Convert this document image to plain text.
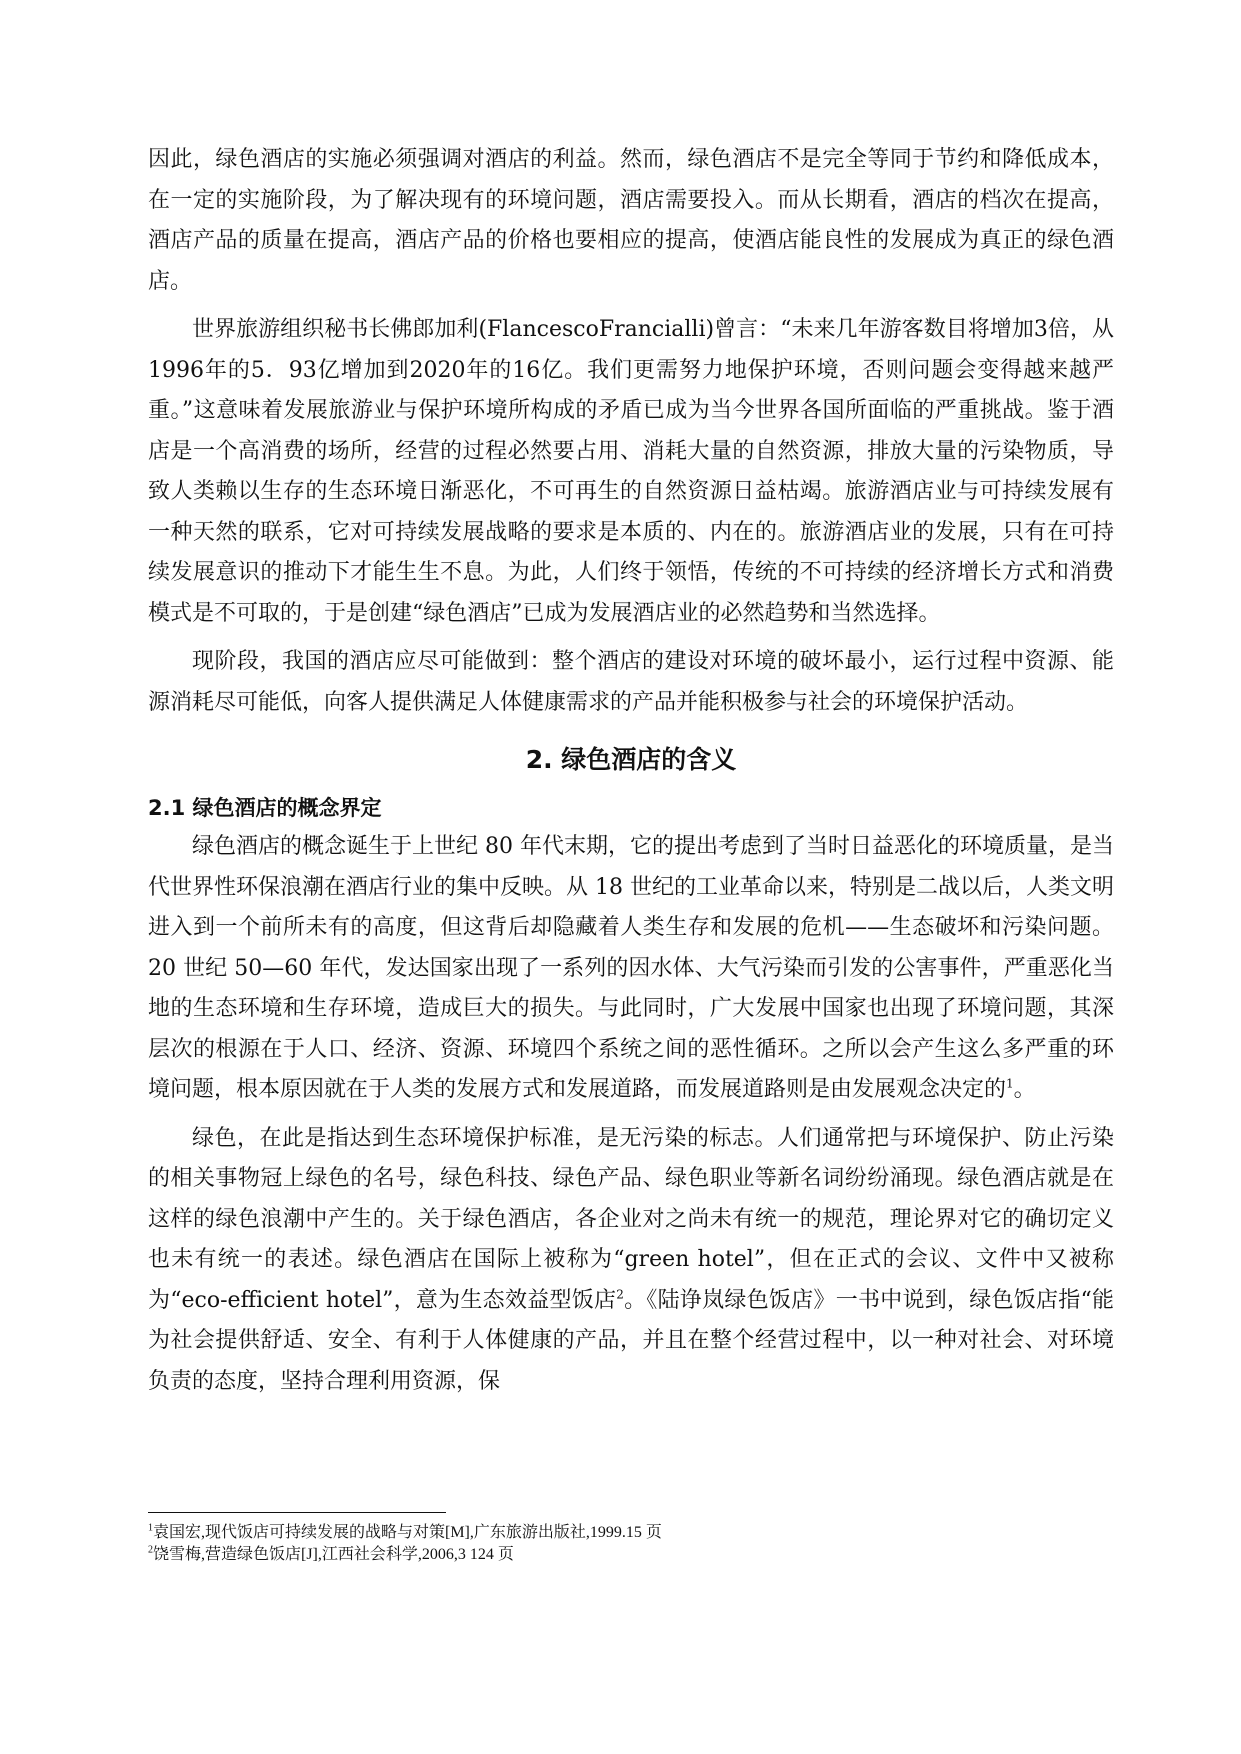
因此，绿色酒店的实施必须强调对酒店的利益。然而，绿色酒店不是完全等同于节约和降低成本，在一定的实施阶段，为了解决现有的环境问题，酒店需要投入。而从长期看，酒店的档次在提高，酒店产品的质量在提高，酒店产品的价格也要相应的提高，使酒店能良性的发展成为真正的绿色酒店。

世界旅游组织秘书长佛郎加利(FlancescoFrancialli)曾言：“未来几年游客数目将增加3倍，从1996年的5．93亿增加到2020年的16亿。我们更需努力地保护环境，否则问题会变得越来越严重。”这意味着发展旅游业与保护环境所构成的矛盾已成为当今世界各国所面临的严重挑战。鉴于酒店是一个高消费的场所，经营的过程必然要占用、消耗大量的自然资源，排放大量的污染物质，导致人类赖以生存的生态环境日渐恶化，不可再生的自然资源日益枯竭。旅游酒店业与可持续发展有一种天然的联系，它对可持续发展战略的要求是本质的、内在的。旅游酒店业的发展，只有在可持续发展意识的推动下才能生生不息。为此，人们终于领悟，传统的不可持续的经济增长方式和消费模式是不可取的，于是创建“绿色酒店”已成为发展酒店业的必然趋势和当然选择。

现阶段，我国的酒店应尽可能做到：整个酒店的建设对环境的破坏最小，运行过程中资源、能源消耗尽可能低，向客人提供满足人体健康需求的产品并能积极参与社会的环境保护活动。

2. 绿色酒店的含义
2.1 绿色酒店的概念界定

绿色酒店的概念诞生于上世纪 80 年代末期，它的提出考虑到了当时日益恶化的环境质量，是当代世界性环保浪潮在酒店行业的集中反映。从 18 世纪的工业革命以来，特别是二战以后，人类文明进入到一个前所未有的高度，但这背后却隐藏着人类生存和发展的危机——生态破坏和污染问题。20 世纪 50—60 年代，发达国家出现了一系列的因水体、大气污染而引发的公害事件，严重恶化当地的生态环境和生存环境，造成巨大的损失。与此同时，广大发展中国家也出现了环境问题，其深层次的根源在于人口、经济、资源、环境四个系统之间的恶性循环。之所以会产生这么多严重的环境问题，根本原因就在于人类的发展方式和发展道路，而发展道路则是由发展观念决定的$^1$。

绿色，在此是指达到生态环境保护标准，是无污染的标志。人们通常把与环境保护、防止污染的相关事物冠上绿色的名号，绿色科技、绿色产品、绿色职业等新名词纷纷涌现。绿色酒店就是在这样的绿色浪潮中产生的。关于绿色酒店，各企业对之尚未有统一的规范，理论界对它的确切定义也未有统一的表述。绿色酒店在国际上被称为“green hotel”，但在正式的会议、文件中又被称为“eco-efficient hotel”，意为生态效益型饭店$^2$。《陆诤岚绿色饭店》一书中说到，绿色饭店指“能为社会提供舒适、安全、有利于人体健康的产品，并且在整个经营过程中，以一种对社会、对环境负责的态度，坚持合理利用资源，保

$^1$袁国宏,现代饭店可持续发展的战略与对策[M],广东旅游出版社,1999.15 页
$^2$饶雪梅,营造绿色饭店[J],江西社会科学,2006,3 124 页
